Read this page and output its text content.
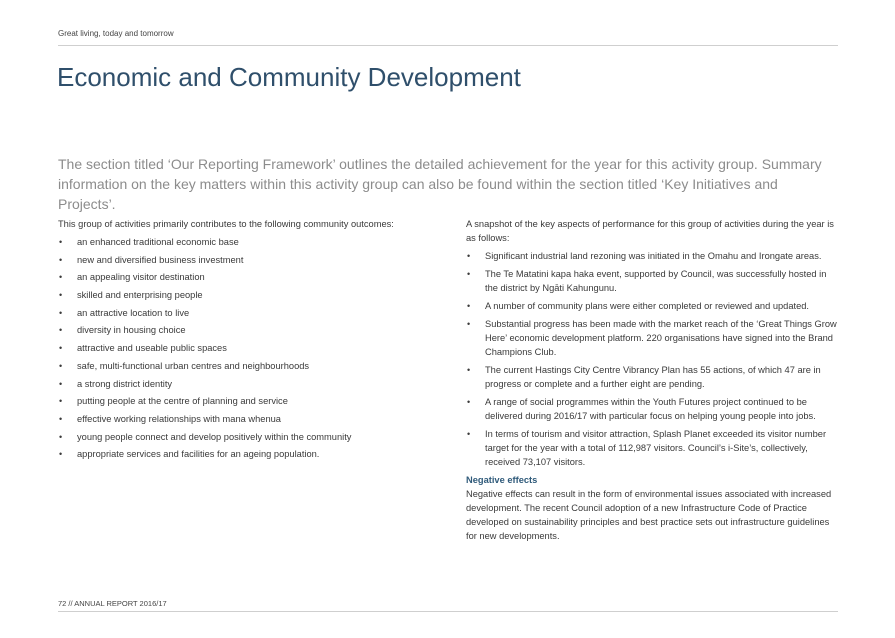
Great living, today and tomorrow
Economic and Community Development

The section titled ‘Our Reporting Framework’ outlines the detailed achievement for the year for this activity group. Summary information on the key matters within this activity group can also be found within the section titled ‘Key Initiatives and Projects’.

This group of activities primarily contributes to the following community outcomes:

• an enhanced traditional economic base
• new and diversified business investment
• an appealing visitor destination
• skilled and enterprising people
• an attractive location to live
• diversity in housing choice
• attractive and useable public spaces
• safe, multi-functional urban centres and neighbourhoods
• a strong district identity
• putting people at the centre of planning and service
• effective working relationships with mana whenua
• young people connect and develop positively within the community
• appropriate services and facilities for an ageing population.

A snapshot of the key aspects of performance for this group of activities during the year is as follows:

• Significant industrial land rezoning was initiated in the Omahu and Irongate areas.
• The Te Matatini kapa haka event, supported by Council, was successfully hosted in the district by Ngāti Kahungunu.
• A number of community plans were either completed or reviewed and updated.
• Substantial progress has been made with the market reach of the ‘Great Things Grow Here’ economic development platform. 220 organisations have signed into the Brand Champions Club.
• The current Hastings City Centre Vibrancy Plan has 55 actions, of which 47 are in progress or complete and a further eight are pending.
• A range of social programmes within the Youth Futures project continued to be delivered during 2016/17 with particular focus on helping young people into jobs.
• In terms of tourism and visitor attraction, Splash Planet exceeded its visitor number target for the year with a total of 112,987 visitors. Council’s i-Site’s, collectively, received 73,107 visitors.

Negative effects

Negative effects can result in the form of environmental issues associated with increased development. The recent Council adoption of a new Infrastructure Code of Practice developed on sustainability principles and best practice sets out infrastructure guidelines for new developments.

72 // ANNUAL REPORT 2016/17
